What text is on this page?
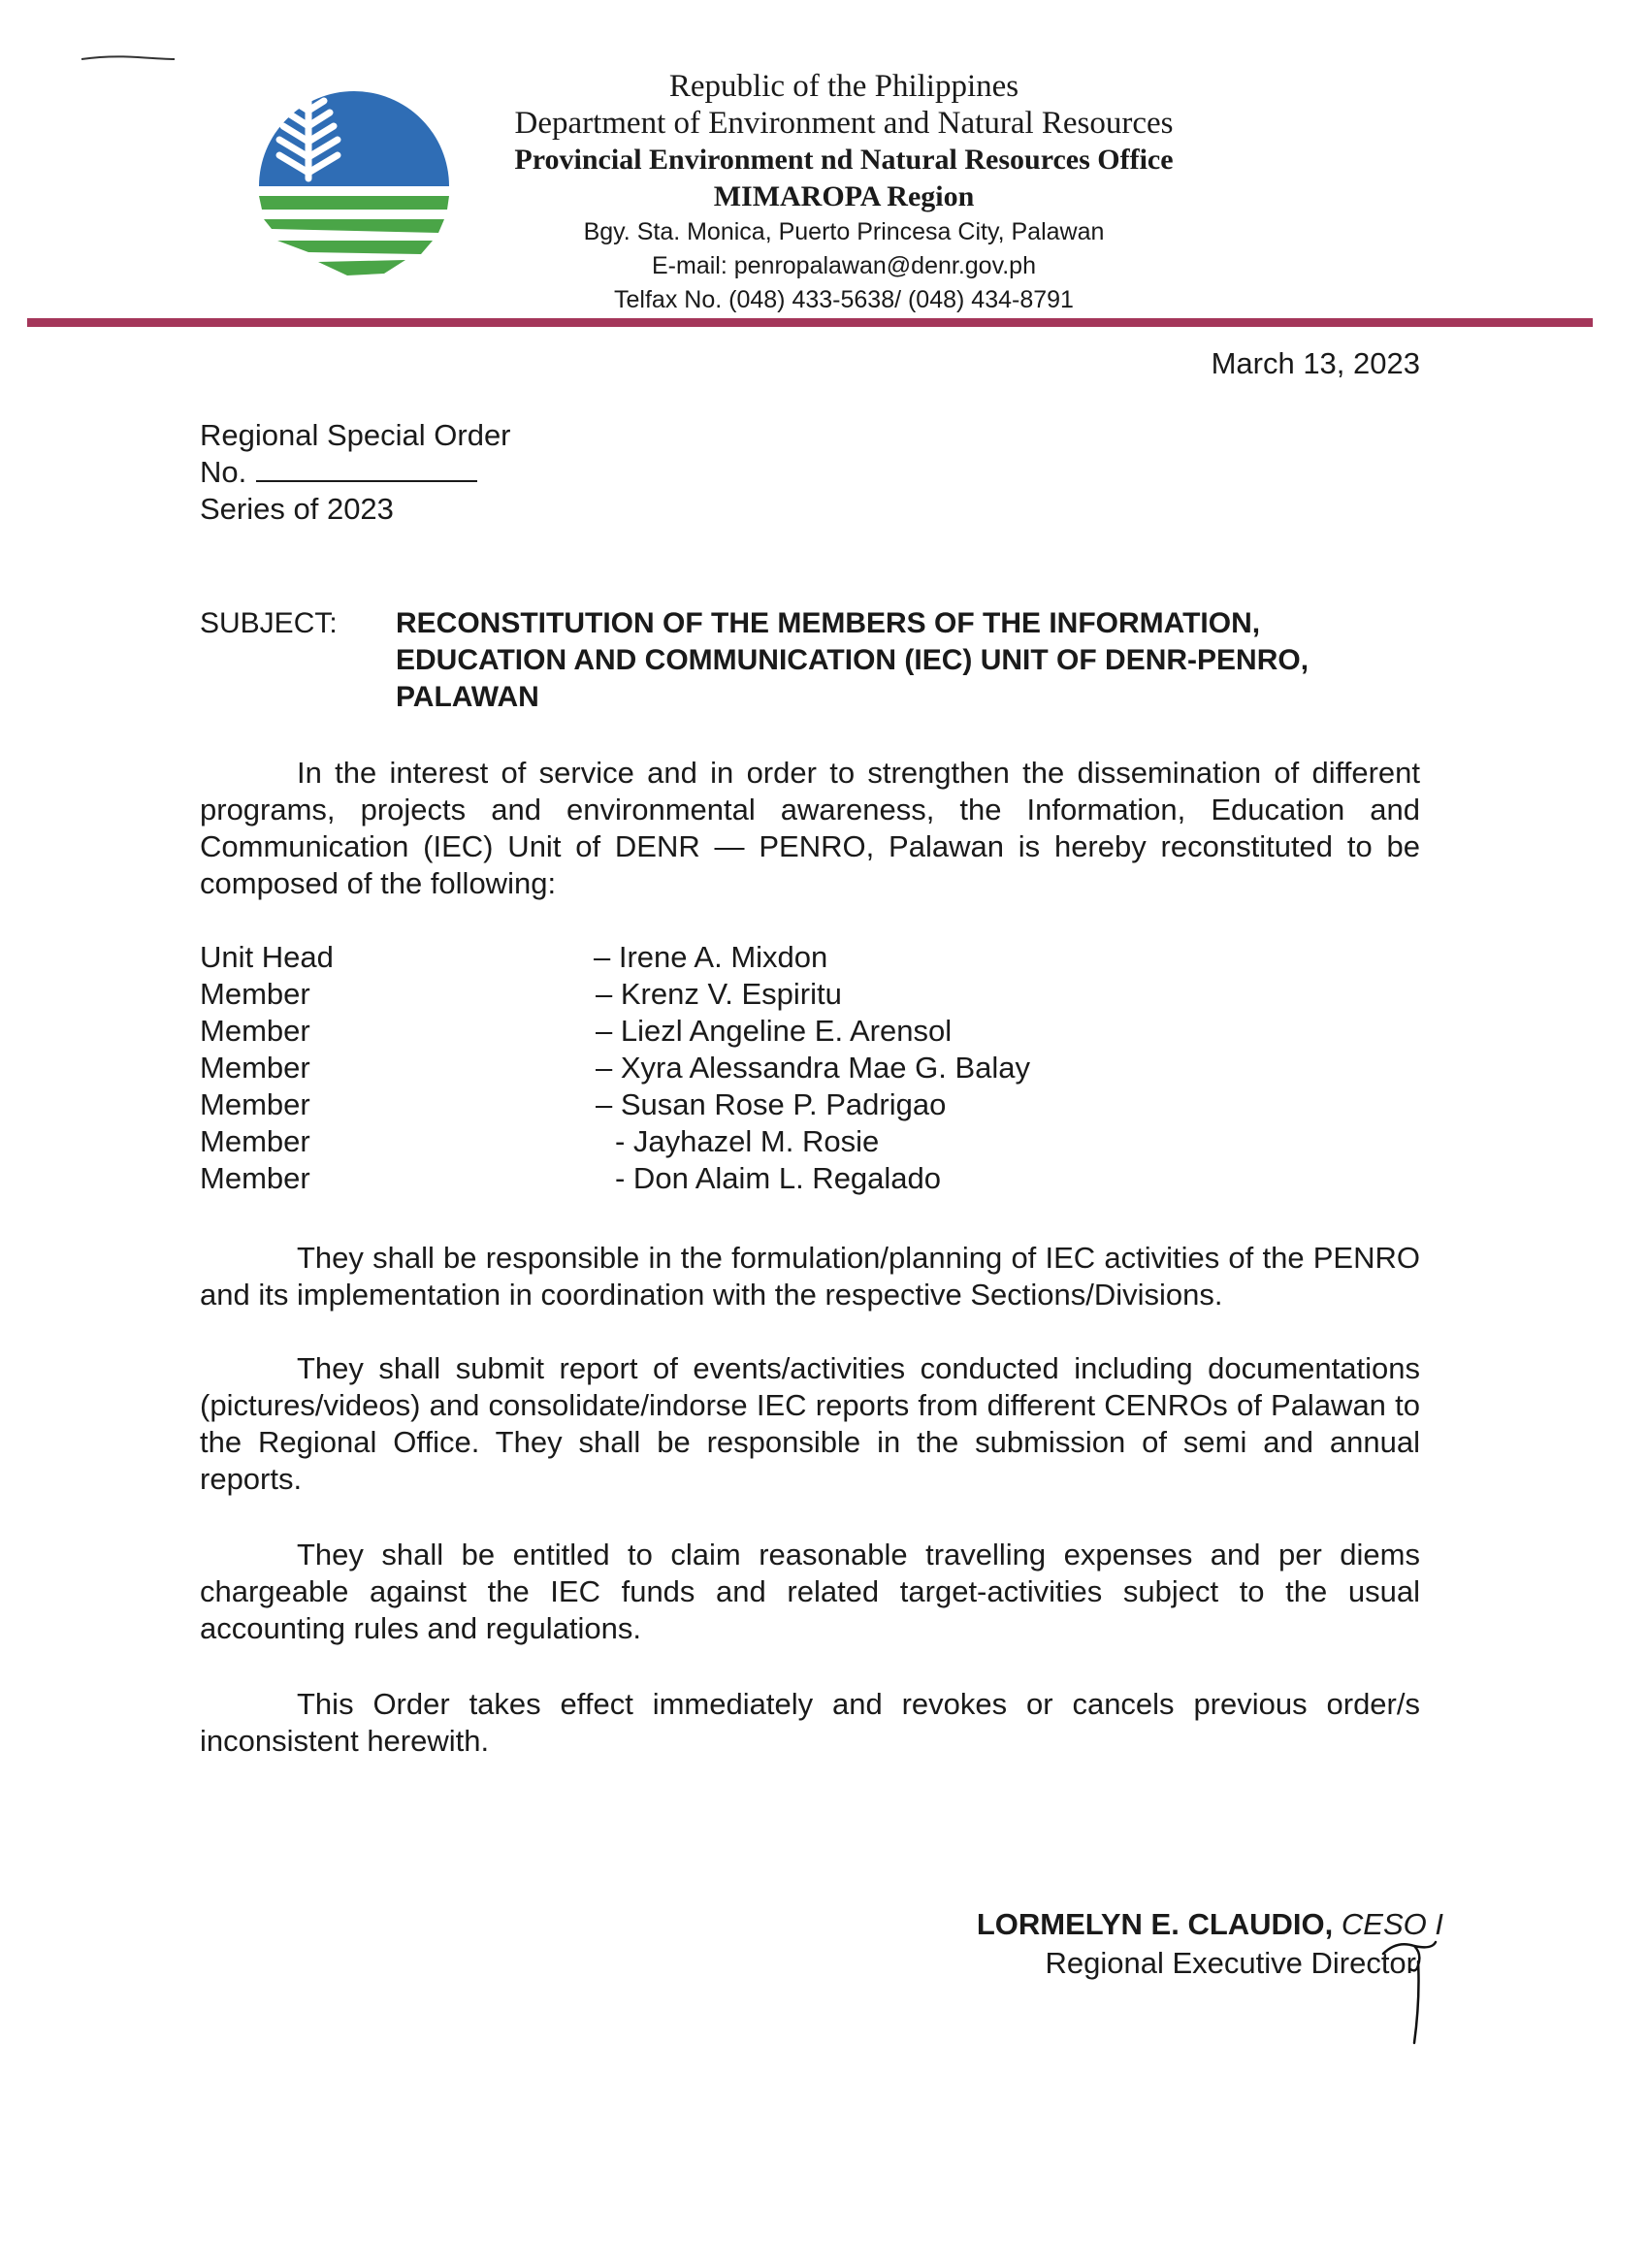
Republic of the Philippines
Department of Environment and Natural Resources
Provincial Environment nd Natural Resources Office
MIMAROPA Region
Bgy. Sta. Monica, Puerto Princesa City, Palawan
E-mail: penropalawan@denr.gov.ph
Telfax No. (048) 433-5638/ (048) 434-8791
March 13, 2023
Regional Special Order
No.
Series of 2023
SUBJECT: RECONSTITUTION OF THE MEMBERS OF THE INFORMATION, EDUCATION AND COMMUNICATION (IEC) UNIT OF DENR-PENRO, PALAWAN

In the interest of service and in order to strengthen the dissemination of different programs, projects and environmental awareness, the Information, Education and Communication (IEC) Unit of DENR — PENRO, Palawan is hereby reconstituted to be composed of the following:

Unit Head	– Irene A. Mixdon
Member	– Krenz V. Espiritu
Member	– Liezl Angeline E. Arensol
Member	– Xyra Alessandra Mae G. Balay
Member	– Susan Rose P. Padrigao
Member	- Jayhazel M. Rosie
Member	- Don Alaim L. Regalado

They shall be responsible in the formulation/planning of IEC activities of the PENRO and its implementation in coordination with the respective Sections/Divisions.

They shall submit report of events/activities conducted including documentations (pictures/videos) and consolidate/indorse IEC reports from different CENROs of Palawan to the Regional Office. They shall be responsible in the submission of semi and annual reports.

They shall be entitled to claim reasonable travelling expenses and per diems chargeable against the IEC funds and related target-activities subject to the usual accounting rules and regulations.

This Order takes effect immediately and revokes or cancels previous order/s inconsistent herewith.

LORMELYN E. CLAUDIO, CESO I
Regional Executive Director
